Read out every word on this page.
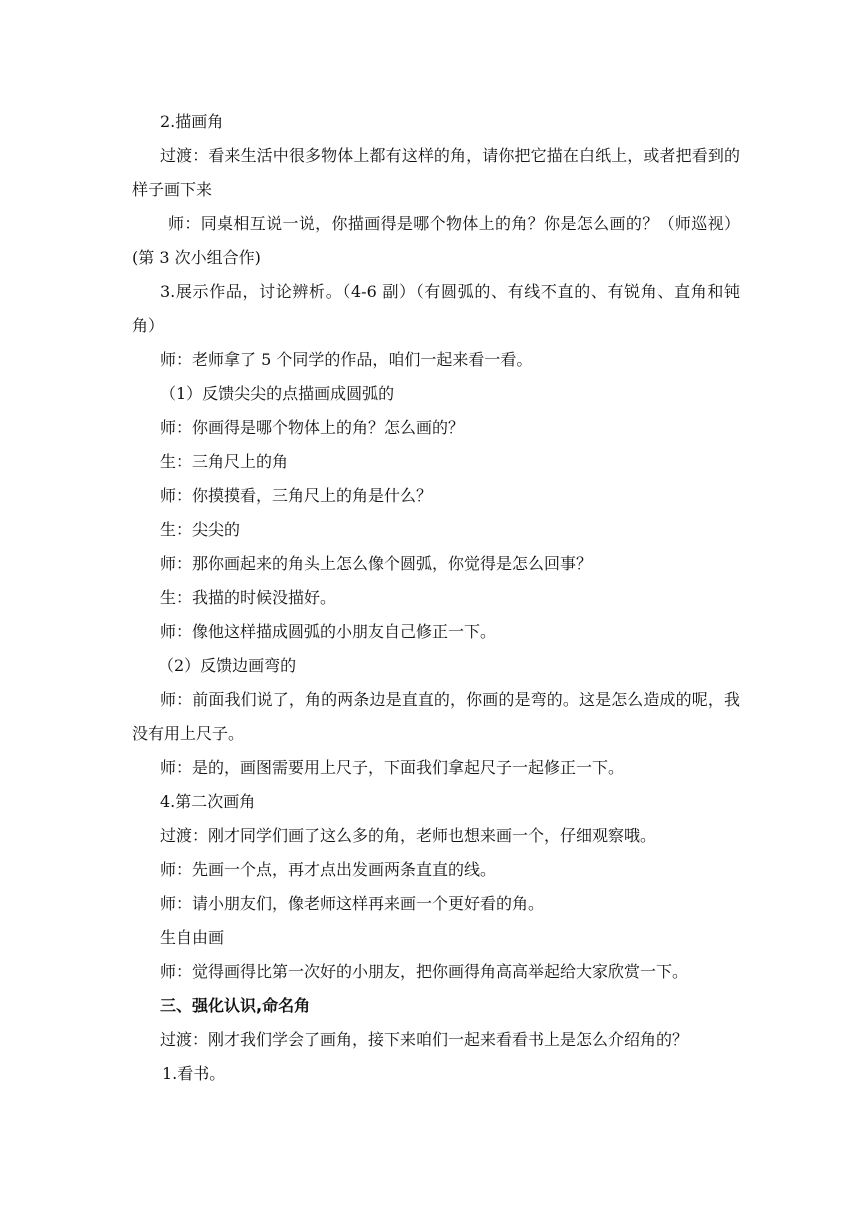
2.描画角

过渡：看来生活中很多物体上都有这样的角，请你把它描在白纸上，或者把看到的样子画下来

师：同桌相互说一说，你描画得是哪个物体上的角？你是怎么画的？（师巡视）(第 3 次小组合作)

3.展示作品，讨论辨析。（4-6 副）（有圆弧的、有线不直的、有锐角、直角和钝角）

师：老师拿了 5 个同学的作品，咱们一起来看一看。

（1）反馈尖尖的点描画成圆弧的

师：你画得是哪个物体上的角？怎么画的？

生：三角尺上的角

师：你摸摸看，三角尺上的角是什么？

生：尖尖的

师：那你画起来的角头上怎么像个圆弧，你觉得是怎么回事？

生：我描的时候没描好。

师：像他这样描成圆弧的小朋友自己修正一下。

（2）反馈边画弯的

师：前面我们说了，角的两条边是直直的，你画的是弯的。这是怎么造成的呢，我没有用上尺子。

师：是的，画图需要用上尺子，下面我们拿起尺子一起修正一下。

4.第二次画角

过渡：刚才同学们画了这么多的角，老师也想来画一个，仔细观察哦。

师：先画一个点，再才点出发画两条直直的线。

师：请小朋友们，像老师这样再来画一个更好看的角。

生自由画

师：觉得画得比第一次好的小朋友，把你画得角高高举起给大家欣赏一下。

三、强化认识,命名角

过渡：刚才我们学会了画角，接下来咱们一起来看看书上是怎么介绍角的？

1.看书。
